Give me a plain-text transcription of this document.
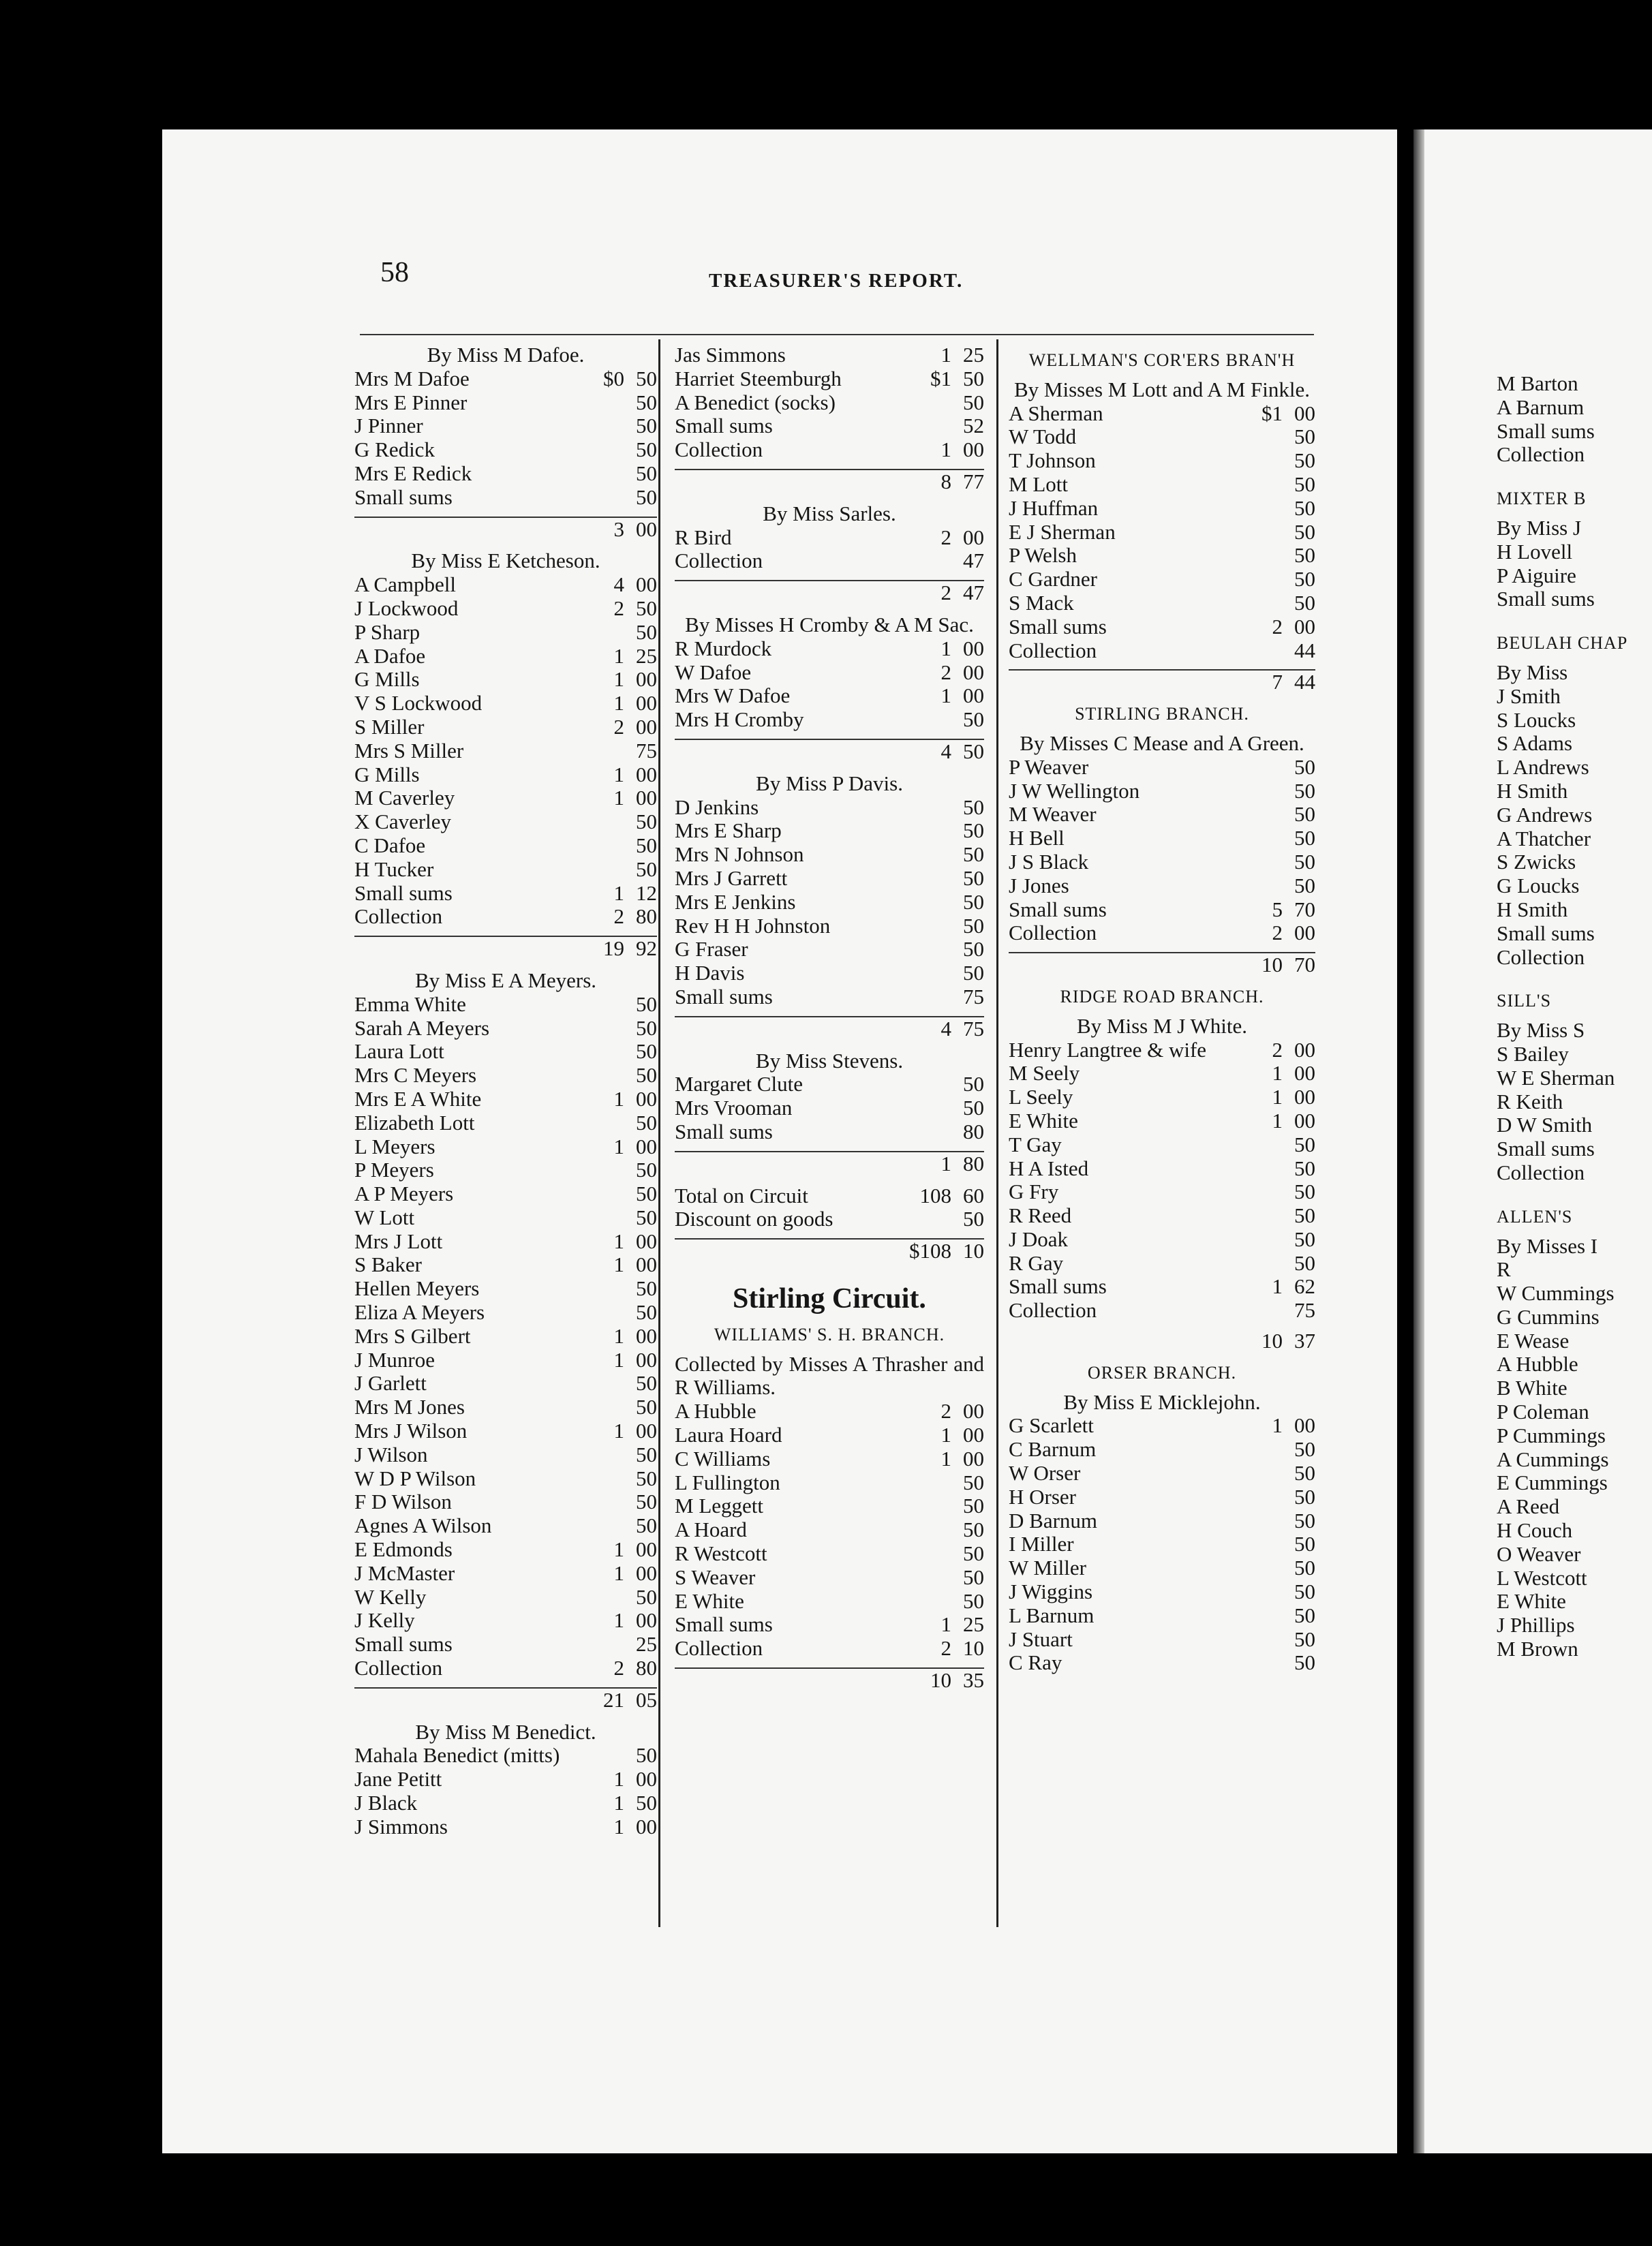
58	TREASURER'S REPORT.
By Miss M Dafoe.
Mrs M Dafoe	$0 50
Mrs E Pinner	50
J Pinner	50
G Redick	50
Mrs E Redick	50
Small sums	50
3 00
By Miss E Ketcheson.
A Campbell	4 00
J Lockwood	2 50
P Sharp	50
A Dafoe	1 25
G Mills	1 00
V S Lockwood	1 00
S Miller	2 00
Mrs S Miller	75
G Mills	1 00
M Caverley	1 00
X Caverley	50
C Dafoe	50
H Tucker	50
Small sums	1 12
Collection	2 80
19 92
By Miss E A Meyers.
Emma White	50
Sarah A Meyers	50
Laura Lott	50
Mrs C Meyers	50
Mrs E A White	1 00
Elizabeth Lott	50
L Meyers	1 00
P Meyers	50
A P Meyers	50
W Lott	50
Mrs J Lott	1 00
S Baker	1 00
Hellen Meyers	50
Eliza A Meyers	50
Mrs S Gilbert	1 00
J Munroe	1 00
J Garlett	50
Mrs M Jones	50
Mrs J Wilson	1 00
J Wilson	50
W D P Wilson	50
F D Wilson	50
Agnes A Wilson	50
E Edmonds	1 00
J McMaster	1 00
W Kelly	50
J Kelly	1 00
Small sums	25
Collection	2 80
21 05
By Miss M Benedict.
Mahala Benedict (mitts)	50
Jane Petitt	1 00
J Black	1 50
J Simmons	1 00
Jas Simmons	1 25
Harriet Steemburgh	$1 50
A Benedict (socks)	50
Small sums	52
Collection	1 00
8 77
By Miss Sarles.
R Bird	2 00
Collection	47
2 47
By Misses H Cromby & A M Sac.
R Murdock	1 00
W Dafoe	2 00
Mrs W Dafoe	1 00
Mrs H Cromby	50
4 50
By Miss P Davis.
D Jenkins	50
Mrs E Sharp	50
Mrs N Johnson	50
Mrs J Garrett	50
Mrs E Jenkins	50
Rev H H Johnston	50
G Fraser	50
H Davis	50
Small sums	75
4 75
By Miss Stevens.
Margaret Clute	50
Mrs Vrooman	50
Small sums	80
1 80
Total on Circuit	108 60
Discount on goods	50
$108 10
Stirling Circuit.
WILLIAMS' S. H. BRANCH.
Collected by Misses A Thrasher and R Williams.
A Hubble	2 00
Laura Hoard	1 00
C Williams	1 00
L Fullington	50
M Leggett	50
A Hoard	50
R Westcott	50
S Weaver	50
E White	50
Small sums	1 25
Collection	2 10
10 35
WELLMAN'S COR'ERS BRAN'H
By Misses M Lott and A M Finkle.
A Sherman	$1 00
W Todd	50
T Johnson	50
M Lott	50
J Huffman	50
E J Sherman	50
P Welsh	50
C Gardner	50
S Mack	50
Small sums	2 00
Collection	44
7 44
STIRLING BRANCH.
By Misses C Mease and A Green.
P Weaver	50
J W Wellington	50
M Weaver	50
H Bell	50
J S Black	50
J Jones	50
Small sums	5 70
Collection	2 00
10 70
RIDGE ROAD BRANCH.
By Miss M J White.
Henry Langtree & wife	2 00
M Seely	1 00
L Seely	1 00
E White	1 00
T Gay	50
H A Isted	50
G Fry	50
R Reed	50
J Doak	50
R Gay	50
Small sums	1 62
Collection	75
10 37
ORSER BRANCH.
By Miss E Micklejohn.
G Scarlett	1 00
C Barnum	50
W Orser	50
H Orser	50
D Barnum	50
I Miller	50
W Miller	50
J Wiggins	50
L Barnum	50
J Stuart	50
C Ray	50
M Barton
A Barnum
Small sums
Collection
MIXTER B
By Miss J
H Lovell
P Aiguire
Small sums
BEULAH CHAP
By Miss
J Smith
S Loucks
S Adams
L Andrews
H Smith
G Andrews
A Thatcher
S Zwicks
G Loucks
H Smith
Small sums
Collection
SILL'S
By Miss S
S Bailey
W E Sherman
R Keith
D W Smith
Small sums
Collection
ALLEN'S
By Misses I
R
W Cummings
G Cummins
E Wease
A Hubble
B White
P Coleman
P Cummings
A Cummings
E Cummings
A Reed
H Couch
O Weaver
L Westcott
E White
J Phillips
M Brown
